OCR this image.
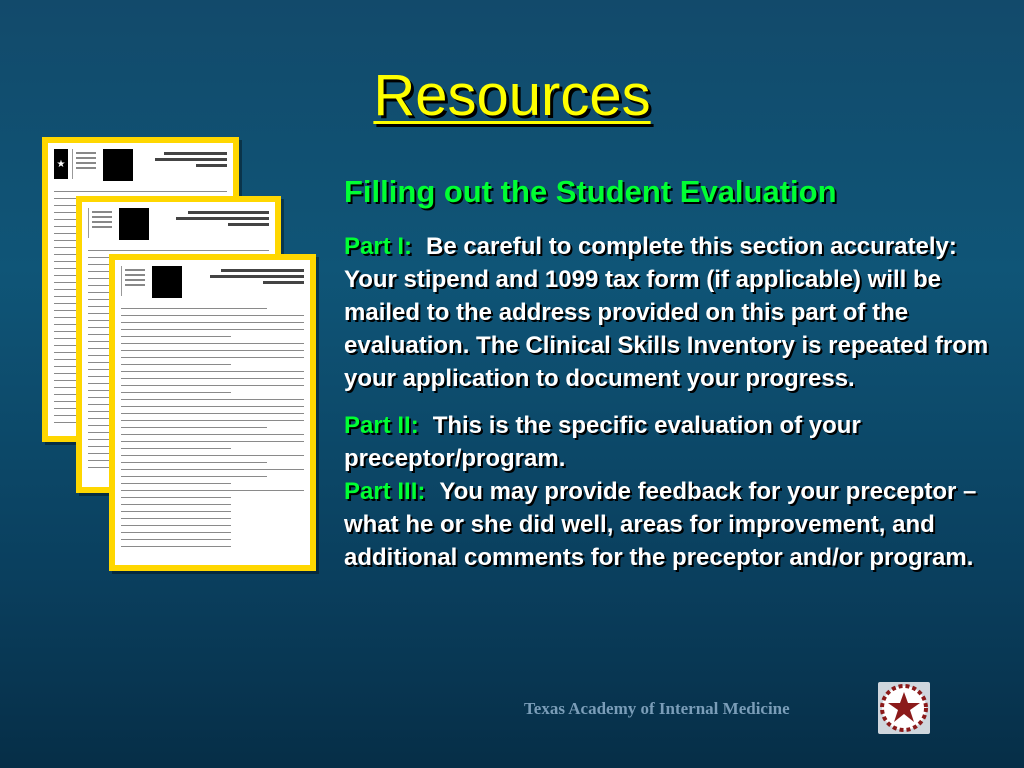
Resources
★
Filling out the Student Evaluation

Part I: Be careful to complete this section accurately: Your stipend and 1099 tax form (if applicable) will be mailed to the address provided on this part of the evaluation. The Clinical Skills Inventory is repeated from your application to document your progress.

Part II: This is the specific evaluation of your preceptor/program.

Part III: You may provide feedback for your preceptor – what he or she did well, areas for improvement, and additional comments for the preceptor and/or program.

Texas Academy of Internal Medicine
